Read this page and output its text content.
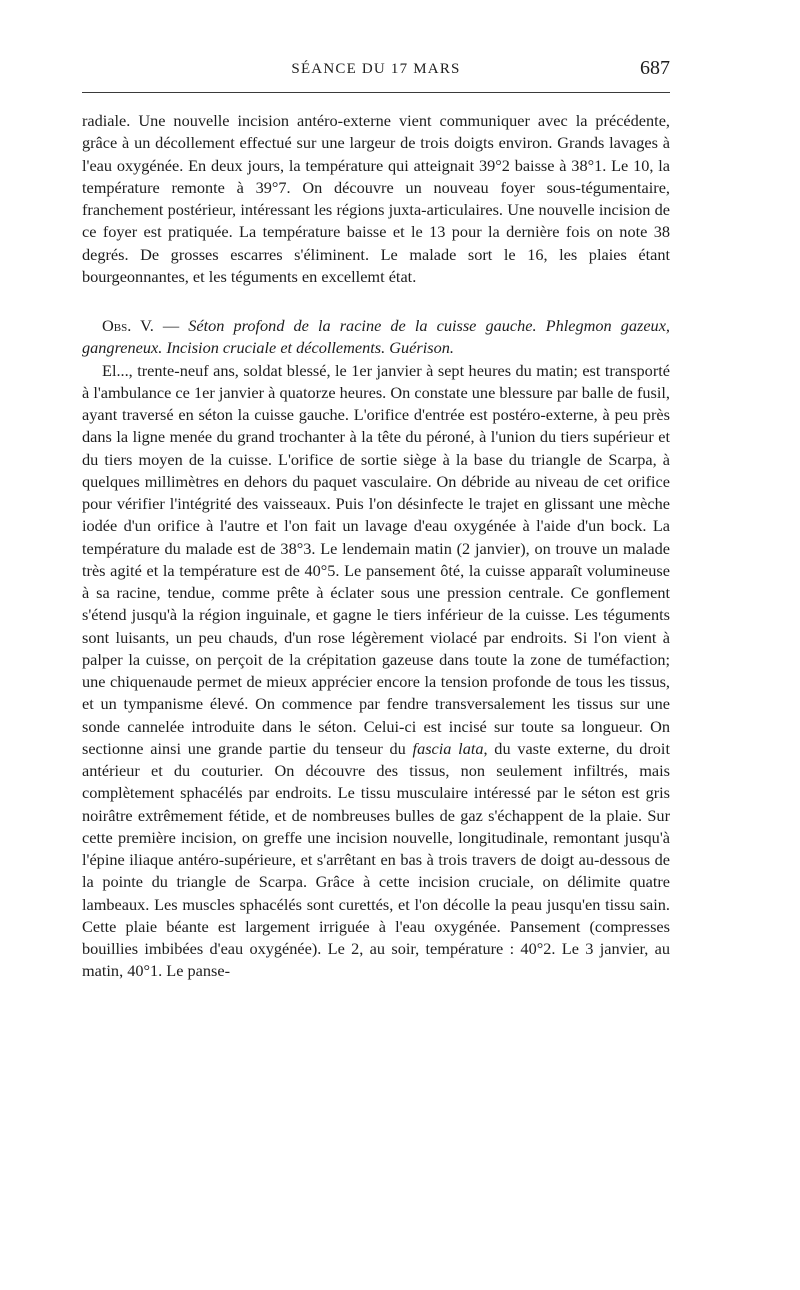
SÉANCE DU 17 MARS	687

radiale. Une nouvelle incision antéro-externe vient communiquer avec la précédente, grâce à un décollement effectué sur une largeur de trois doigts environ. Grands lavages à l'eau oxygénée. En deux jours, la température qui atteignait 39°2 baisse à 38°1. Le 10, la température remonte à 39°7. On découvre un nouveau foyer sous-tégumentaire, franchement postérieur, intéressant les régions juxta-articulaires. Une nouvelle incision de ce foyer est pratiquée. La température baisse et le 13 pour la dernière fois on note 38 degrés. De grosses escarres s'éliminent. Le malade sort le 16, les plaies étant bourgeonnantes, et les téguments en excellemt état.

Obs. V. — Séton profond de la racine de la cuisse gauche. Phlegmon gazeux, gangreneux. Incision cruciale et décollements. Guérison.

El..., trente-neuf ans, soldat blessé, le 1er janvier à sept heures du matin; est transporté à l'ambulance ce 1er janvier à quatorze heures. On constate une blessure par balle de fusil, ayant traversé en séton la cuisse gauche. L'orifice d'entrée est postéro-externe, à peu près dans la ligne menée du grand trochanter à la tête du péroné, à l'union du tiers supérieur et du tiers moyen de la cuisse. L'orifice de sortie siège à la base du triangle de Scarpa, à quelques millimètres en dehors du paquet vasculaire. On débride au niveau de cet orifice pour vérifier l'intégrité des vaisseaux. Puis l'on désinfecte le trajet en glissant une mèche iodée d'un orifice à l'autre et l'on fait un lavage d'eau oxygénée à l'aide d'un bock. La température du malade est de 38°3. Le lendemain matin (2 janvier), on trouve un malade très agité et la température est de 40°5. Le pansement ôté, la cuisse apparaît volumineuse à sa racine, tendue, comme prête à éclater sous une pression centrale. Ce gonflement s'étend jusqu'à la région inguinale, et gagne le tiers inférieur de la cuisse. Les téguments sont luisants, un peu chauds, d'un rose légèrement violacé par endroits. Si l'on vient à palper la cuisse, on perçoit de la crépitation gazeuse dans toute la zone de tuméfaction; une chiquenaude permet de mieux apprécier encore la tension profonde de tous les tissus, et un tympanisme élevé. On commence par fendre transversalement les tissus sur une sonde cannelée introduite dans le séton. Celui-ci est incisé sur toute sa longueur. On sectionne ainsi une grande partie du tenseur du fascia lata, du vaste externe, du droit antérieur et du couturier. On découvre des tissus, non seulement infiltrés, mais complètement sphacélés par endroits. Le tissu musculaire intéressé par le séton est gris noirâtre extrêmement fétide, et de nombreuses bulles de gaz s'échappent de la plaie. Sur cette première incision, on greffe une incision nouvelle, longitudinale, remontant jusqu'à l'épine iliaque antéro-supérieure, et s'arrêtant en bas à trois travers de doigt au-dessous de la pointe du triangle de Scarpa. Grâce à cette incision cruciale, on délimite quatre lambeaux. Les muscles sphacélés sont curettés, et l'on décolle la peau jusqu'en tissu sain. Cette plaie béante est largement irriguée à l'eau oxygénée. Pansement (compresses bouillies imbibées d'eau oxygénée). Le 2, au soir, température : 40°2. Le 3 janvier, au matin, 40°1. Le panse-
